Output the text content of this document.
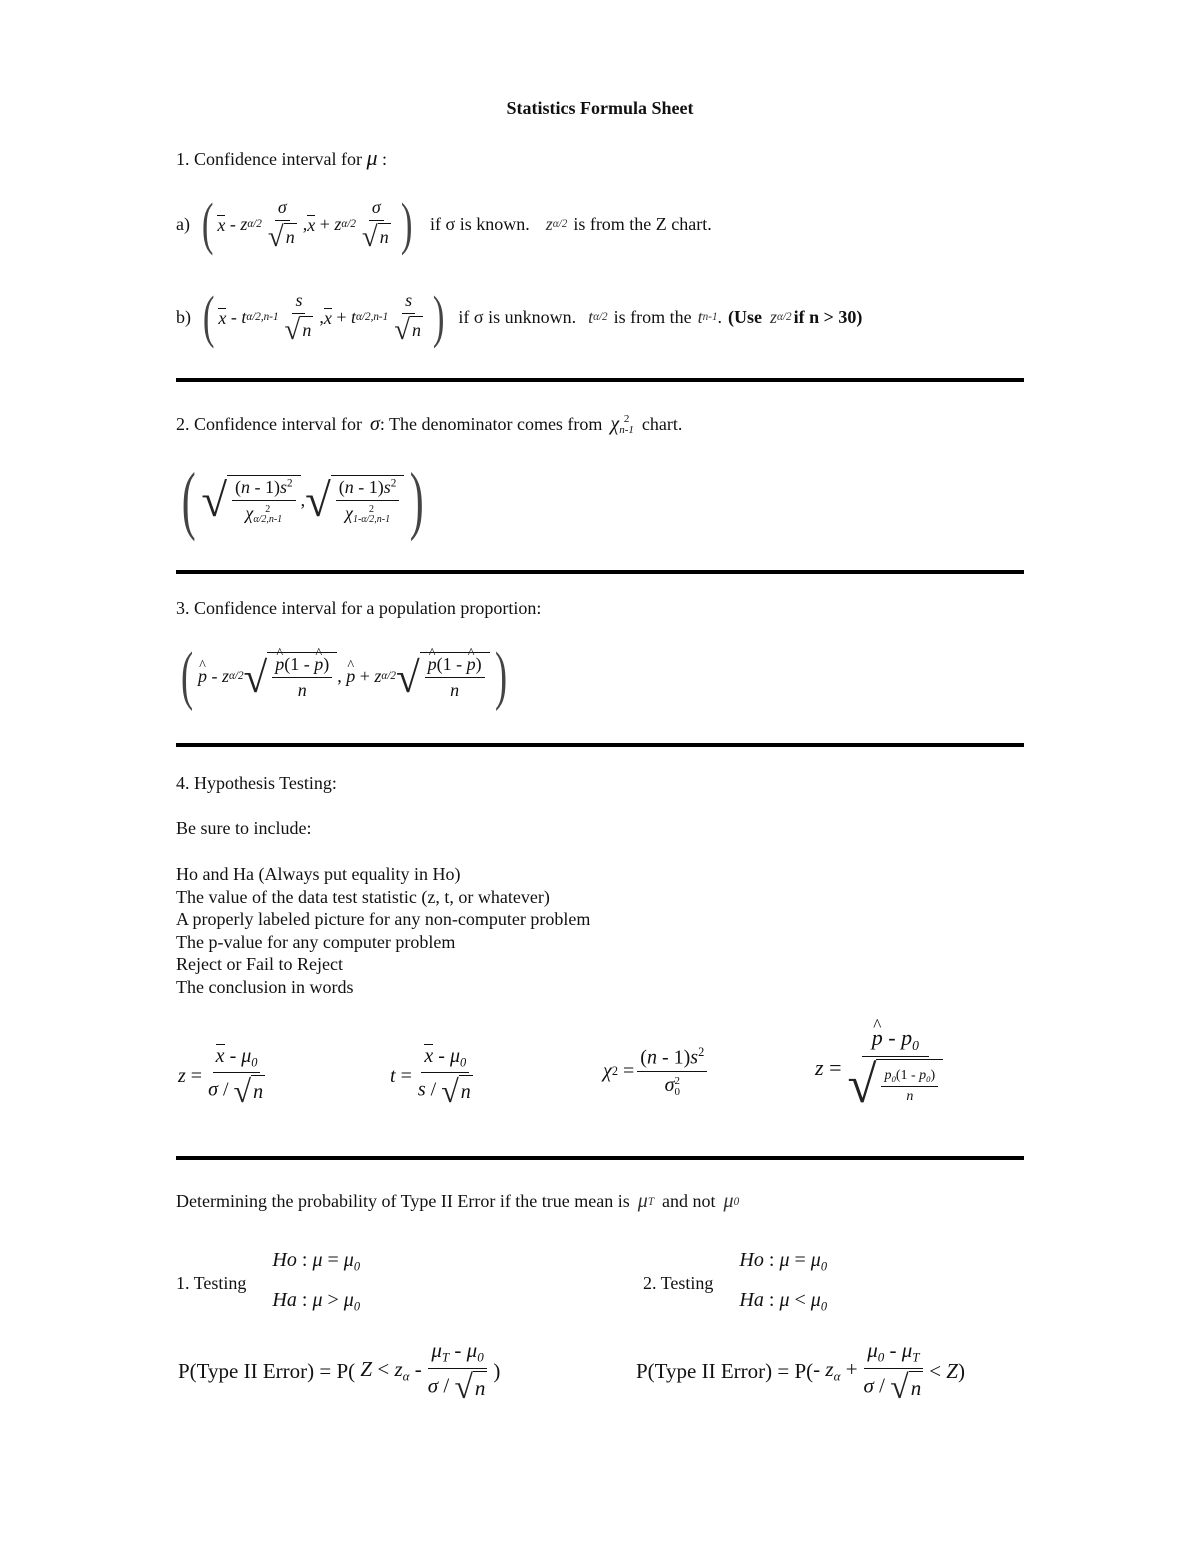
Statistics Formula Sheet
1. Confidence interval for μ :
a) ( x - z $\alpha/2 \frac{\sigma}{√ n}$ , x + z $\alpha/2 \frac{\sigma}{√ n}$ ) if σ is known. z α/2 is from the Z chart.
b) ( x - t $\alpha/2,n-1 \frac{s}{√ n}$ , x + t $\alpha/2,n-1 \frac{s}{√ n}$ ) if σ is unknown. t α/2 is from the t n-1 . (Use z α/2 if n > 30)
2. Confidence interval for σ : The denominator comes from χ 2
n-1 chart.
( √ $(n - 1)s^2$
χ 2
α/2,n-1 , √ $(n - 1)s^2$
χ 2
1-α/2,n-1 )
3. Confidence interval for a population proportion:
( ^ p - z α/2 √ ^ $\frac{p(1 - \^{} p)}{n}$ , ^ p + z α/2 √ ^ $\frac{p(1 - \^{} p)}{n}$ )
4. Hypothesis Testing:
Be sure to include:
Ho and Ha (Always put equality in Ho)
The value of the data test statistic (z, t, or whatever)
A properly labeled picture for any non-computer problem
The p-value for any computer problem
Reject or Fail to Reject
The conclusion in words
$z = \frac{x - \mu_0}{\sigma / √ n}$	$t = \frac{x - \mu_0}{s / √ n}$	χ $2 = (n - 1)s^2$
σ 2
0	z = ^ $\frac{p - p_0}{√ \frac{p_0(1 - p_0)}{n}}$
Determining the probability of Type II Error if the true mean is μ T and not μ 0
1. Testing
Ho : $\mu = \mu_0$
Ha : $\mu > \mu_0$
2. Testing
Ho : $\mu = \mu_0$
Ha : $\mu < \mu_0$
P(Type II Error) = P( $Z < z_\alpha - \frac{\mu_T - \mu_0}{\sigma / √ n}$ )	P(Type II Error) = $P( - z_\alpha + \frac{\mu_0 - \mu_T}{\sigma / √ n} < Z)$
